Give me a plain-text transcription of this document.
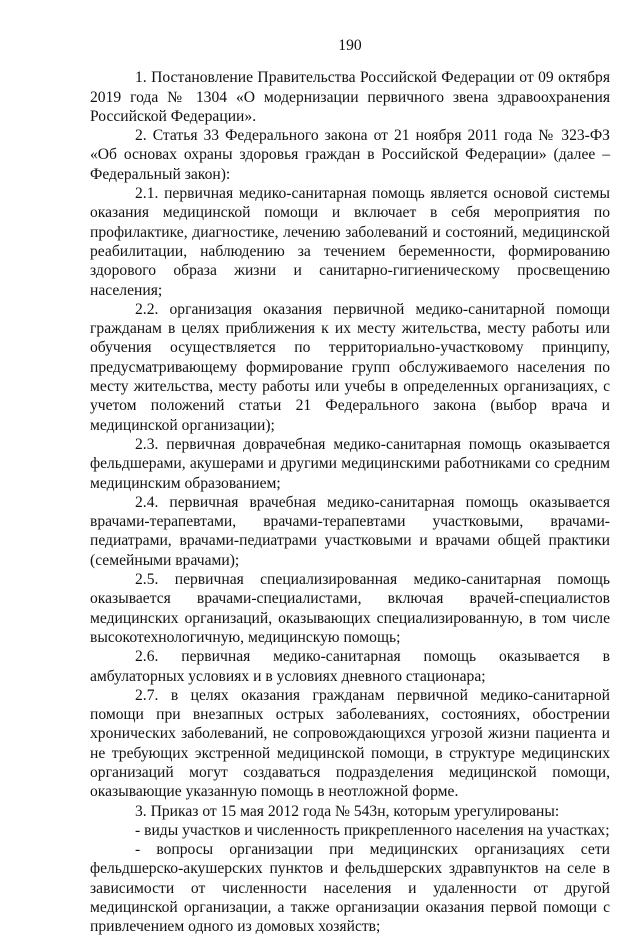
190

1. Постановление Правительства Российской Федерации от 09 октября 2019 года № 1304 «О модернизации первичного звена здравоохранения Российской Федерации».

2. Статья 33 Федерального закона от 21 ноября 2011 года № 323-ФЗ «Об основах охраны здоровья граждан в Российской Федерации» (далее – Федеральный закон):

2.1. первичная медико-санитарная помощь является основой системы оказания медицинской помощи и включает в себя мероприятия по профилактике, диагностике, лечению заболеваний и состояний, медицинской реабилитации, наблюдению за течением беременности, формированию здорового образа жизни и санитарно-гигиеническому просвещению населения;

2.2. организация оказания первичной медико-санитарной помощи гражданам в целях приближения к их месту жительства, месту работы или обучения осуществляется по территориально-участковому принципу, предусматривающему формирование групп обслуживаемого населения по месту жительства, месту работы или учебы в определенных организациях, с учетом положений статьи 21 Федерального закона (выбор врача и медицинской организации);

2.3. первичная доврачебная медико-санитарная помощь оказывается фельдшерами, акушерами и другими медицинскими работниками со средним медицинским образованием;

2.4. первичная врачебная медико-санитарная помощь оказывается врачами-терапевтами, врачами-терапевтами участковыми, врачами-педиатрами, врачами-педиатрами участковыми и врачами общей практики (семейными врачами);

2.5. первичная специализированная медико-санитарная помощь оказывается врачами-специалистами, включая врачей-специалистов медицинских организаций, оказывающих специализированную, в том числе высокотехнологичную, медицинскую помощь;

2.6. первичная медико-санитарная помощь оказывается в амбулаторных условиях и в условиях дневного стационара;

2.7. в целях оказания гражданам первичной медико-санитарной помощи при внезапных острых заболеваниях, состояниях, обострении хронических заболеваний, не сопровождающихся угрозой жизни пациента и не требующих экстренной медицинской помощи, в структуре медицинских организаций могут создаваться подразделения медицинской помощи, оказывающие указанную помощь в неотложной форме.

3. Приказ от 15 мая 2012 года № 543н, которым урегулированы:

- виды участков и численность прикрепленного населения на участках;

- вопросы организации при медицинских организациях сети фельдшерско-акушерских пунктов и фельдшерских здравпунктов на селе в зависимости от численности населения и удаленности от другой медицинской организации, а также организации оказания первой помощи с привлечением одного из домовых хозяйств;
